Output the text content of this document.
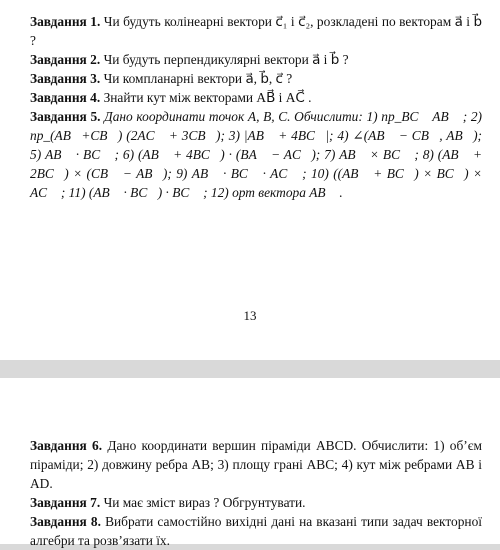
Завдання 1. Чи будуть колінеарні вектори c⃗₁ і c⃗₂, розкладені по векторам a⃗ і b⃗ ?

Завдання 2. Чи будуть перпендикулярні вектори a⃗ і b⃗ ?

Завдання 3. Чи компланарні вектори a⃗, b⃗, c⃗ ?

Завдання 4. Знайти кут між векторами AB⃗ і AC⃗ .

Завдання 5. Дано координати точок A, B, C. Обчислити: 1) пр_BC⃗ AB⃗ ; 2) пр_(AB⃗+CB⃗) (2AC⃗ + 3CB⃗); 3) |AB⃗ + 4BC⃗|; 4) ∠(AB⃗ − CB⃗, AB⃗); 5) AB⃗ · BC⃗ ; 6) (AB⃗ + 4BC⃗) · (BA⃗ − AC⃗); 7) AB⃗ × BC⃗ ; 8) (AB⃗ + 2BC⃗) × (CB⃗ − AB⃗); 9) AB⃗ · BC⃗ · AC⃗ ; 10) ((AB⃗ + BC⃗) × BC⃗) × AC⃗ ; 11) (AB⃗ · BC⃗) · BC⃗ ; 12) орт вектора AB⃗ .

13

Завдання 6. Дано координати вершин піраміди ABCD. Обчислити: 1) об’єм піраміди; 2) довжину ребра AB; 3) площу грані ABC; 4) кут між ребрами AB і AD.

Завдання 7. Чи має зміст вираз ? Обгрунтувати.

Завдання 8. Вибрати самостійно вихідні дані на вказані типи задач векторної алгебри та розв’язати їх.
